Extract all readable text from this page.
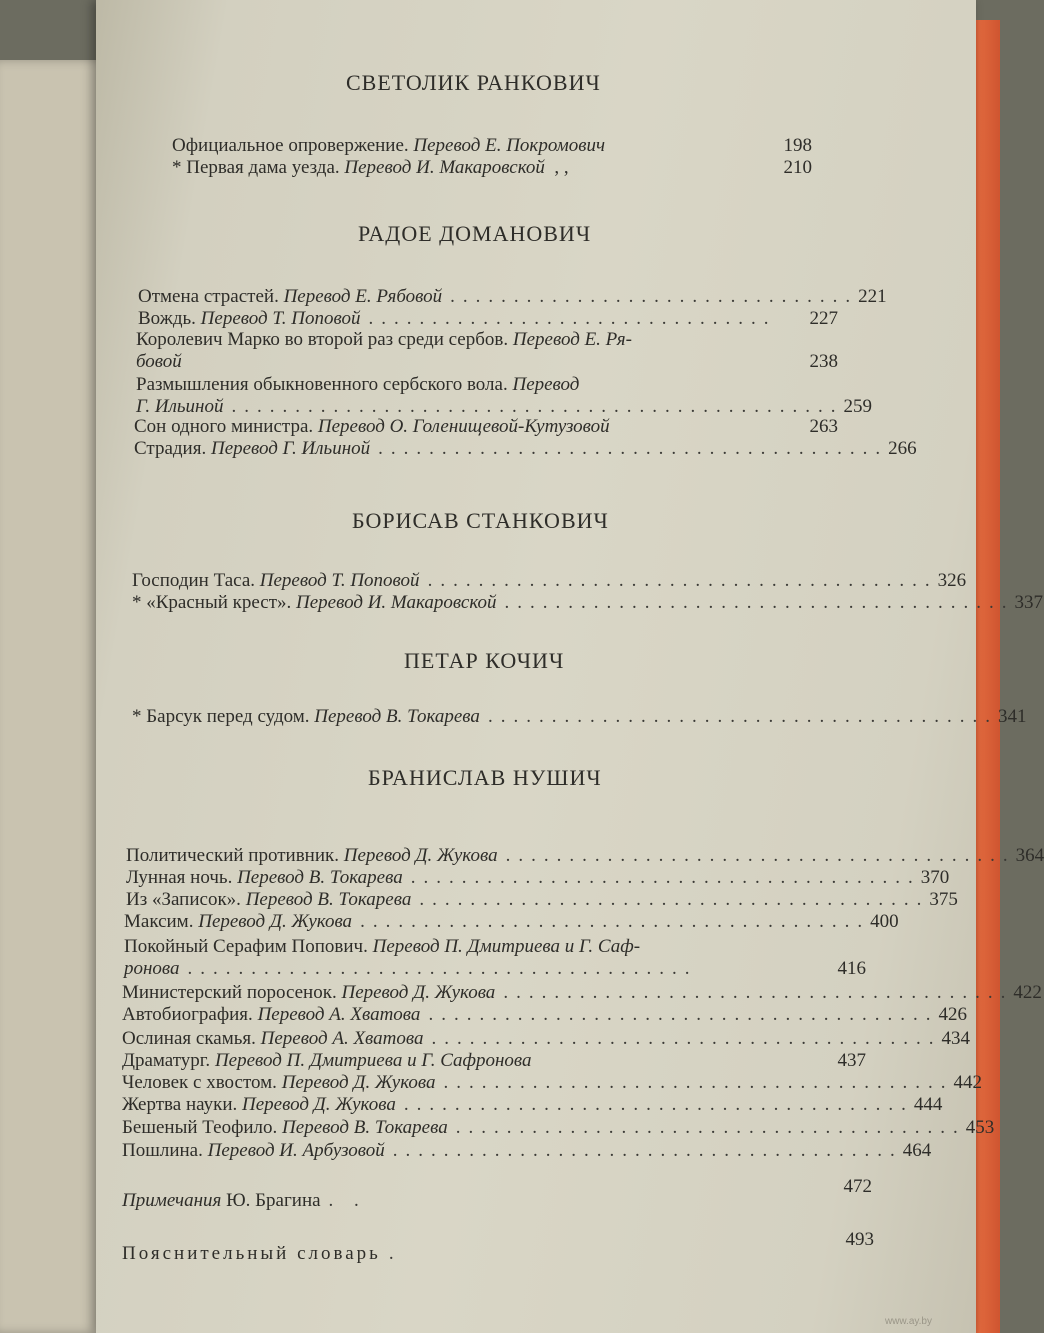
СВЕТОЛИК РАНКОВИЧ
Официальное опровержение.
Перевод Е. Покромович	198
* Первая дама уезда.
Перевод И. Макаровской
, ,	210
РАДОЕ ДОМАНОВИЧ
Отмена страстей.
Перевод Е. Рябовой ................................ 221
Вождь.
Перевод Т. Поповой ................................	227
Королевич Марко во второй раз среди сербов.
Перевод Е. Ря-
бовой	238
Размышления обыкновенного сербского вола.
Перевод
Г. Ильиной ................................................ 259
Сон одного министра.
Перевод О. Голенищевой-Кутузовой	263
Страдия.
Перевод Г. Ильиной ........................................ 266
БОРИСАВ СТАНКОВИЧ
Господин Таса.
Перевод Т. Поповой ........................................ 326
* «Красный крест».
Перевод И. Макаровской ........................................ 337
ПЕТАР КОЧИЧ
* Барсук перед судом.
Перевод В. Токарева ........................................ 341
БРАНИСЛАВ НУШИЧ
Политический противник.
Перевод Д. Жукова ........................................ 364
Лунная ночь.
Перевод В. Токарева ........................................ 370
Из «Записок».
Перевод В. Токарева ........................................ 375
Максим.
Перевод Д. Жукова ........................................ 400
Покойный Серафим Попович.
Перевод П. Дмитриева и Г. Саф-
ронова ........................................	416
Министерский поросенок.
Перевод Д. Жукова ........................................ 422
Автобиография.
Перевод А. Хватова ........................................ 426
Ослиная скамья.
Перевод А. Хватова ........................................ 434
Драматург.
Перевод П. Дмитриева и Г. Сафронова	437
Человек с хвостом.
Перевод Д. Жукова ........................................ 442
Жертва науки.
Перевод Д. Жукова ........................................ 444
Бешеный Теофило.
Перевод В. Токарева ........................................ 453
Пошлина.
Перевод И. Арбузовой ........................................ 464
Примечания
Ю. Брагина . .
472
Пояснительный словарь .
493
www.ay.by
